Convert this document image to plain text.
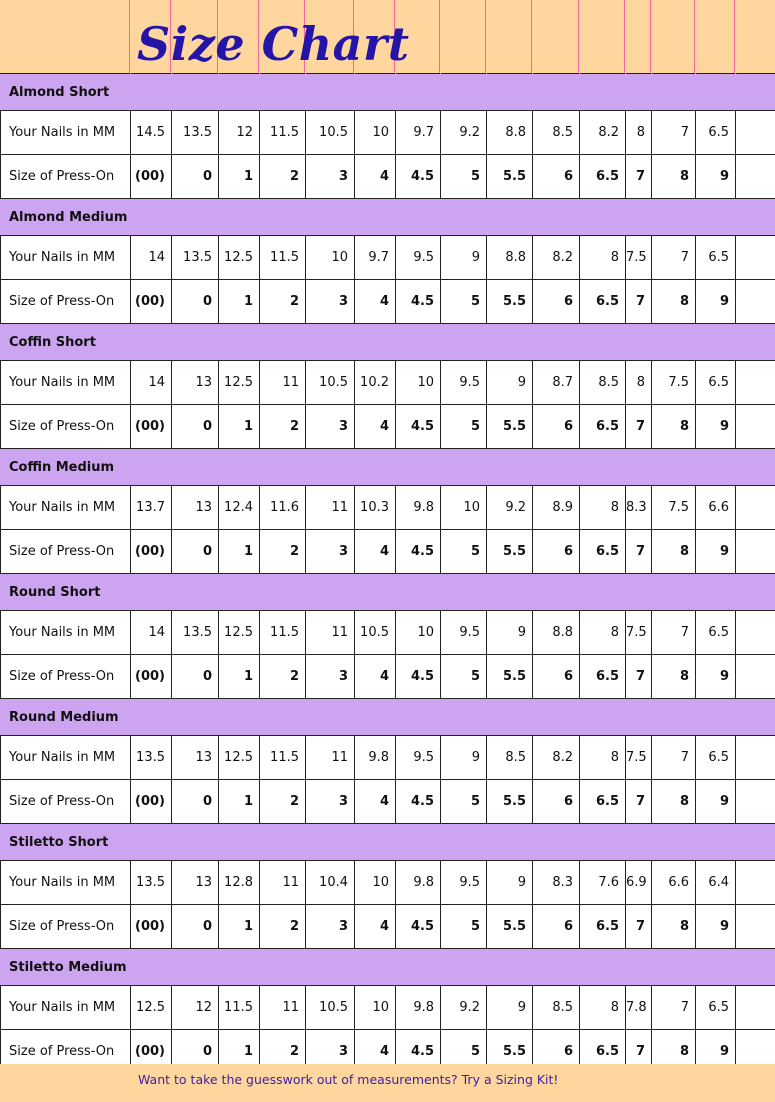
Size Chart
Almond Short															
Your Nails in MM	14.5	13.5	12	11.5	10.5	10	9.7	9.2	8.8	8.5	8.2	8	7	6.5	
Size of Press-On	(00)	0	1	2	3	4	4.5	5	5.5	6	6.5	7	8	9	
Almond Medium															
Your Nails in MM	14	13.5	12.5	11.5	10	9.7	9.5	9	8.8	8.2	8	7.5	7	6.5	
Size of Press-On	(00)	0	1	2	3	4	4.5	5	5.5	6	6.5	7	8	9	
Coffin Short															
Your Nails in MM	14	13	12.5	11	10.5	10.2	10	9.5	9	8.7	8.5	8	7.5	6.5	
Size of Press-On	(00)	0	1	2	3	4	4.5	5	5.5	6	6.5	7	8	9	
Coffin Medium															
Your Nails in MM	13.7	13	12.4	11.6	11	10.3	9.8	10	9.2	8.9	8	8.3	7.5	6.6	
Size of Press-On	(00)	0	1	2	3	4	4.5	5	5.5	6	6.5	7	8	9	
Round Short															
Your Nails in MM	14	13.5	12.5	11.5	11	10.5	10	9.5	9	8.8	8	7.5	7	6.5	
Size of Press-On	(00)	0	1	2	3	4	4.5	5	5.5	6	6.5	7	8	9	
Round Medium															
Your Nails in MM	13.5	13	12.5	11.5	11	9.8	9.5	9	8.5	8.2	8	7.5	7	6.5	
Size of Press-On	(00)	0	1	2	3	4	4.5	5	5.5	6	6.5	7	8	9	
Stiletto Short															
Your Nails in MM	13.5	13	12.8	11	10.4	10	9.8	9.5	9	8.3	7.6	6.9	6.6	6.4	
Size of Press-On	(00)	0	1	2	3	4	4.5	5	5.5	6	6.5	7	8	9	
Stiletto Medium															
Your Nails in MM	12.5	12	11.5	11	10.5	10	9.8	9.2	9	8.5	8	7.8	7	6.5	
Size of Press-On	(00)	0	1	2	3	4	4.5	5	5.5	6	6.5	7	8	9	
Want to take the guesswork out of measurements? Try a Sizing Kit!
